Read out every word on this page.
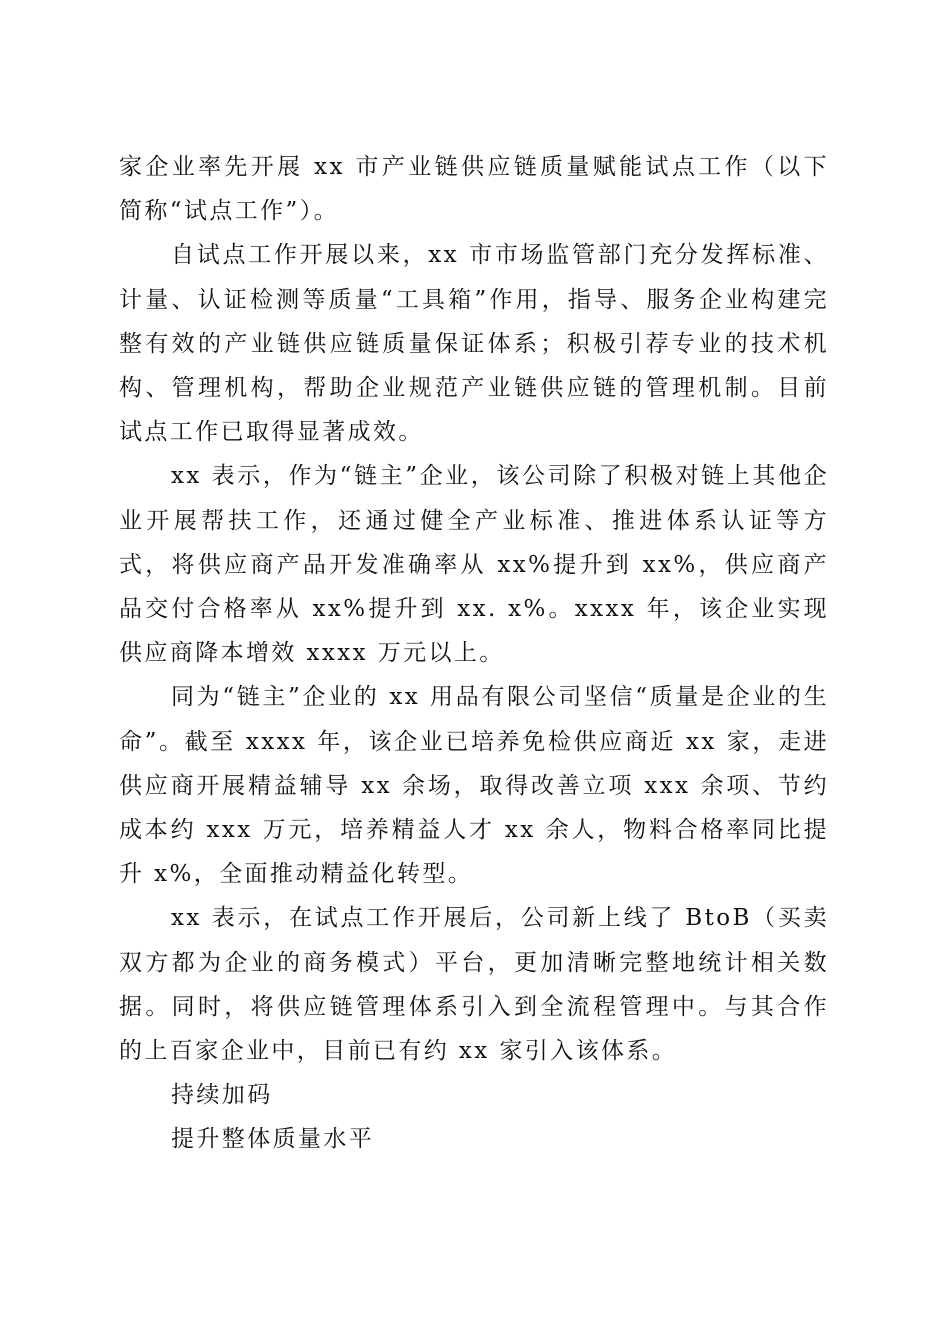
家企业率先开展 xx 市产业链供应链质量赋能试点工作（以下简称“试点工作”）。

自试点工作开展以来，xx 市市场监管部门充分发挥标准、计量、认证检测等质量“工具箱”作用，指导、服务企业构建完整有效的产业链供应链质量保证体系；积极引荐专业的技术机构、管理机构，帮助企业规范产业链供应链的管理机制。目前试点工作已取得显著成效。

xx 表示，作为“链主”企业，该公司除了积极对链上其他企业开展帮扶工作，还通过健全产业标准、推进体系认证等方式，将供应商产品开发准确率从 xx%提升到 xx%，供应商产品交付合格率从 xx%提升到 xx. x%。xxxx 年，该企业实现供应商降本增效 xxxx 万元以上。

同为“链主”企业的 xx 用品有限公司坚信“质量是企业的生命”。截至 xxxx 年，该企业已培养免检供应商近 xx 家，走进供应商开展精益辅导 xx 余场，取得改善立项 xxx 余项、节约成本约 xxx 万元，培养精益人才 xx 余人，物料合格率同比提升 x%，全面推动精益化转型。

xx 表示，在试点工作开展后，公司新上线了 BtoB（买卖双方都为企业的商务模式）平台，更加清晰完整地统计相关数据。同时，将供应链管理体系引入到全流程管理中。与其合作的上百家企业中，目前已有约 xx 家引入该体系。

持续加码

提升整体质量水平
